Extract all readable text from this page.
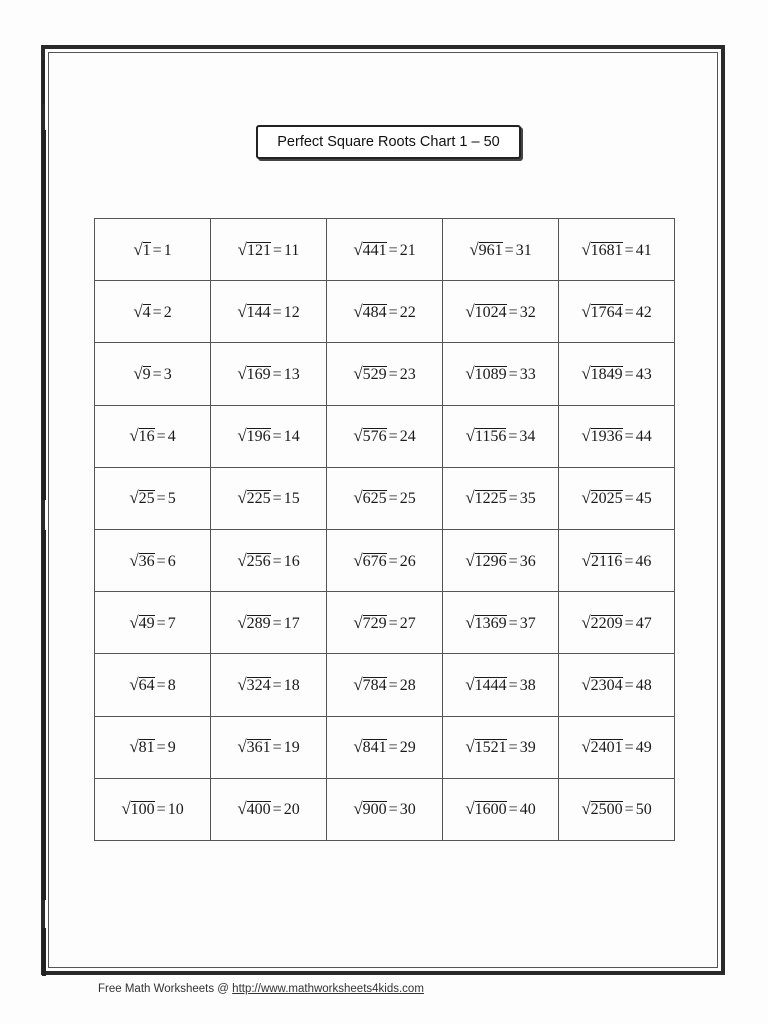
Perfect Square Roots Chart 1 – 50
√1 = 1	√121 = 11	√441 = 21	√961 = 31	√1681 = 41
√4 = 2	√144 = 12	√484 = 22	√1024 = 32	√1764 = 42
√9 = 3	√169 = 13	√529 = 23	√1089 = 33	√1849 = 43
√16 = 4	√196 = 14	√576 = 24	√1156 = 34	√1936 = 44
√25 = 5	√225 = 15	√625 = 25	√1225 = 35	√2025 = 45
√36 = 6	√256 = 16	√676 = 26	√1296 = 36	√2116 = 46
√49 = 7	√289 = 17	√729 = 27	√1369 = 37	√2209 = 47
√64 = 8	√324 = 18	√784 = 28	√1444 = 38	√2304 = 48
√81 = 9	√361 = 19	√841 = 29	√1521 = 39	√2401 = 49
√100 = 10	√400 = 20	√900 = 30	√1600 = 40	√2500 = 50
Free Math Worksheets @ http://www.mathworksheets4kids.com
